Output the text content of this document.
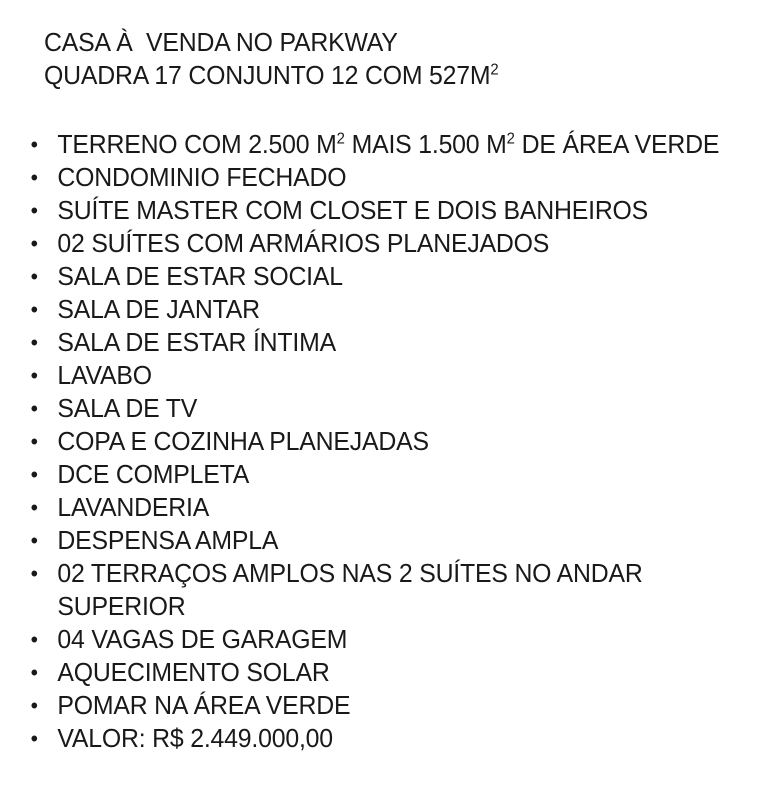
CASA À  VENDA NO PARKWAY
QUADRA 17 CONJUNTO 12 COM $527M^2$
• TERRENO COM 2.500 $M^2$ MAIS 1.500 $M^2$ DE ÁREA VERDE
• CONDOMINIO FECHADO
• SUÍTE MASTER COM CLOSET E DOIS BANHEIROS
• 02 SUÍTES COM ARMÁRIOS PLANEJADOS
• SALA DE ESTAR SOCIAL
• SALA DE JANTAR
• SALA DE ESTAR ÍNTIMA
• LAVABO
• SALA DE TV
• COPA E COZINHA PLANEJADAS
• DCE COMPLETA
• LAVANDERIA
• DESPENSA AMPLA
• 02 TERRAÇOS AMPLOS NAS 2 SUÍTES NO ANDAR SUPERIOR
• 04 VAGAS DE GARAGEM
• AQUECIMENTO SOLAR
• POMAR NA ÁREA VERDE
• VALOR: R$ 2.449.000,00
